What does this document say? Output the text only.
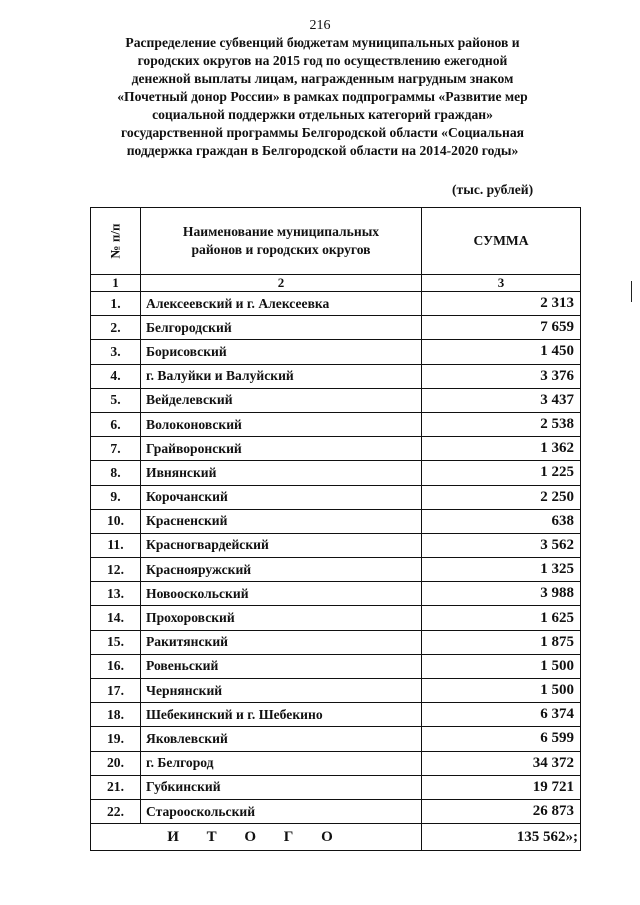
216
Распределение субвенций бюджетам муниципальных районов и
городских округов на 2015 год по осуществлению ежегодной
денежной выплаты лицам, награжденным нагрудным знаком
«Почетный донор России» в рамках подпрограммы «Развитие мер
социальной поддержки отдельных категорий граждан»
государственной программы Белгородской области «Социальная
поддержка граждан в Белгородской области на 2014-2020 годы»
(тыс. рублей)
№ п/п	Наименование муниципальных
районов и городских округов	СУММА
1	2	3
1.	Алексеевский и г. Алексеевка	2 313
2.	Белгородский	7 659
3.	Борисовский	1 450
4.	г. Валуйки и Валуйский	3 376
5.	Вейделевский	3 437
6.	Волоконовский	2 538
7.	Грайворонский	1 362
8.	Ивнянский	1 225
9.	Корочанский	2 250
10.	Красненский	638
11.	Красногвардейский	3 562
12.	Краснояружский	1 325
13.	Новооскольский	3 988
14.	Прохоровский	1 625
15.	Ракитянский	1 875
16.	Ровеньский	1 500
17.	Чернянский	1 500
18.	Шебекинский и г. Шебекино	6 374
19.	Яковлевский	6 599
20.	г. Белгород	34 372
21.	Губкинский	19 721
22.	Старооскольский	26 873
И Т О Г О		135 562»;
